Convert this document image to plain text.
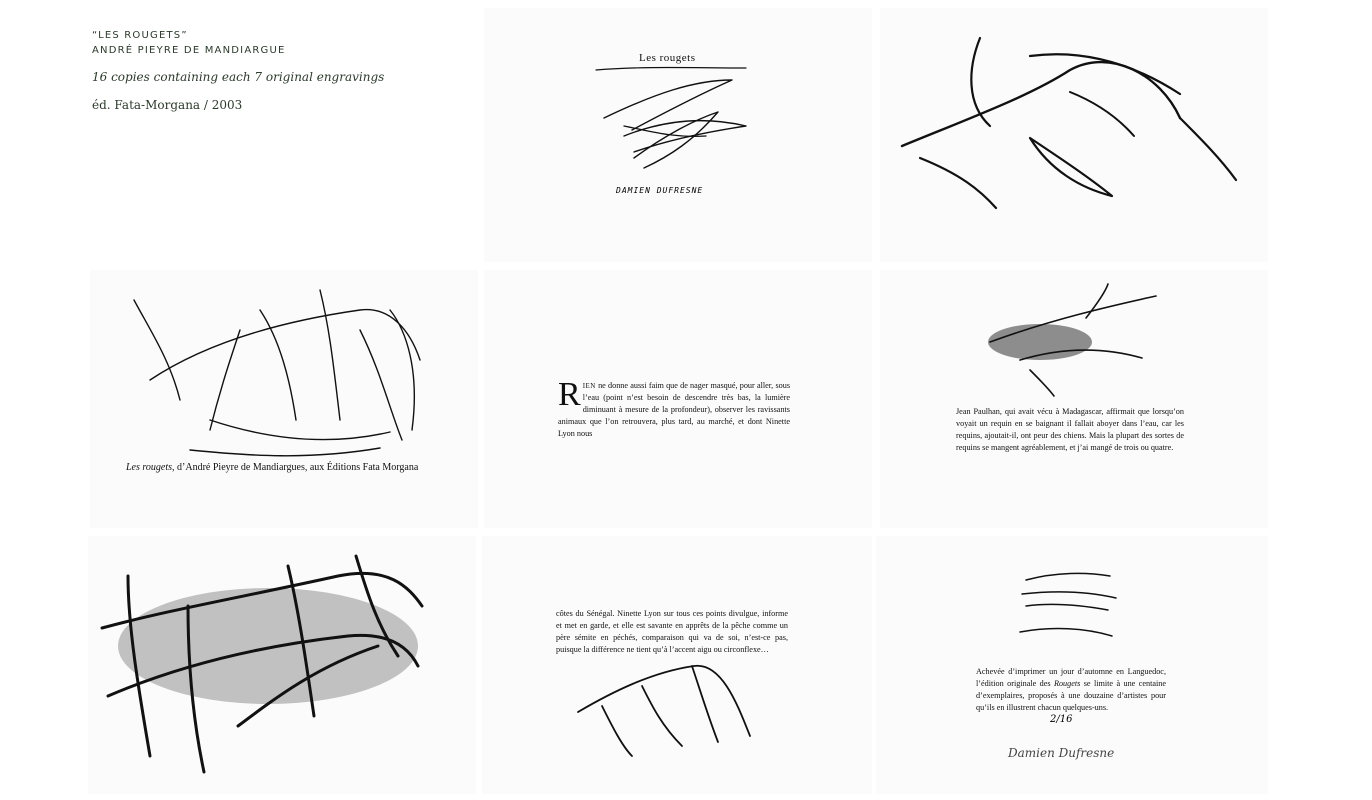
“LES ROUGETS”
ANDRÉ PIEYRE DE MANDIARGUE
16 copies containing each 7 original engravings
éd. Fata-Morgana / 2003
Les rougets
DAMIEN DUFRESNE
Les rougets, d’André Pieyre de Mandiargues, aux Éditions Fata Morgana
RIEN ne donne aussi faim que de nager masqué, pour aller, sous l’eau (point n’est besoin de descendre très bas, la lumière diminuant à mesure de la profondeur), observer les ravissants animaux que l’on retrouvera, plus tard, au marché, et dont Ninette Lyon nous
Jean Paulhan, qui avait vécu à Madagascar, affirmait que lorsqu’on voyait un requin en se baignant il fallait aboyer dans l’eau, car les requins, ajoutait-il, ont peur des chiens. Mais la plupart des sortes de requins se mangent agréablement, et j’ai mangé de trois ou quatre.
côtes du Sénégal. Ninette Lyon sur tous ces points divulgue, informe et met en garde, et elle est savante en apprêts de la pêche comme un père sémite en péchés, comparaison qui va de soi, n’est-ce pas, puisque la différence ne tient qu’à l’accent aigu ou circonflexe…
Achevée d’imprimer un jour d’automne en Languedoc, l’édition originale des Rougets se limite à une centaine d’exemplaires, proposés à une douzaine d’artistes pour qu’ils en illustrent chacun quelques-uns.
2/16
Damien Dufresne
